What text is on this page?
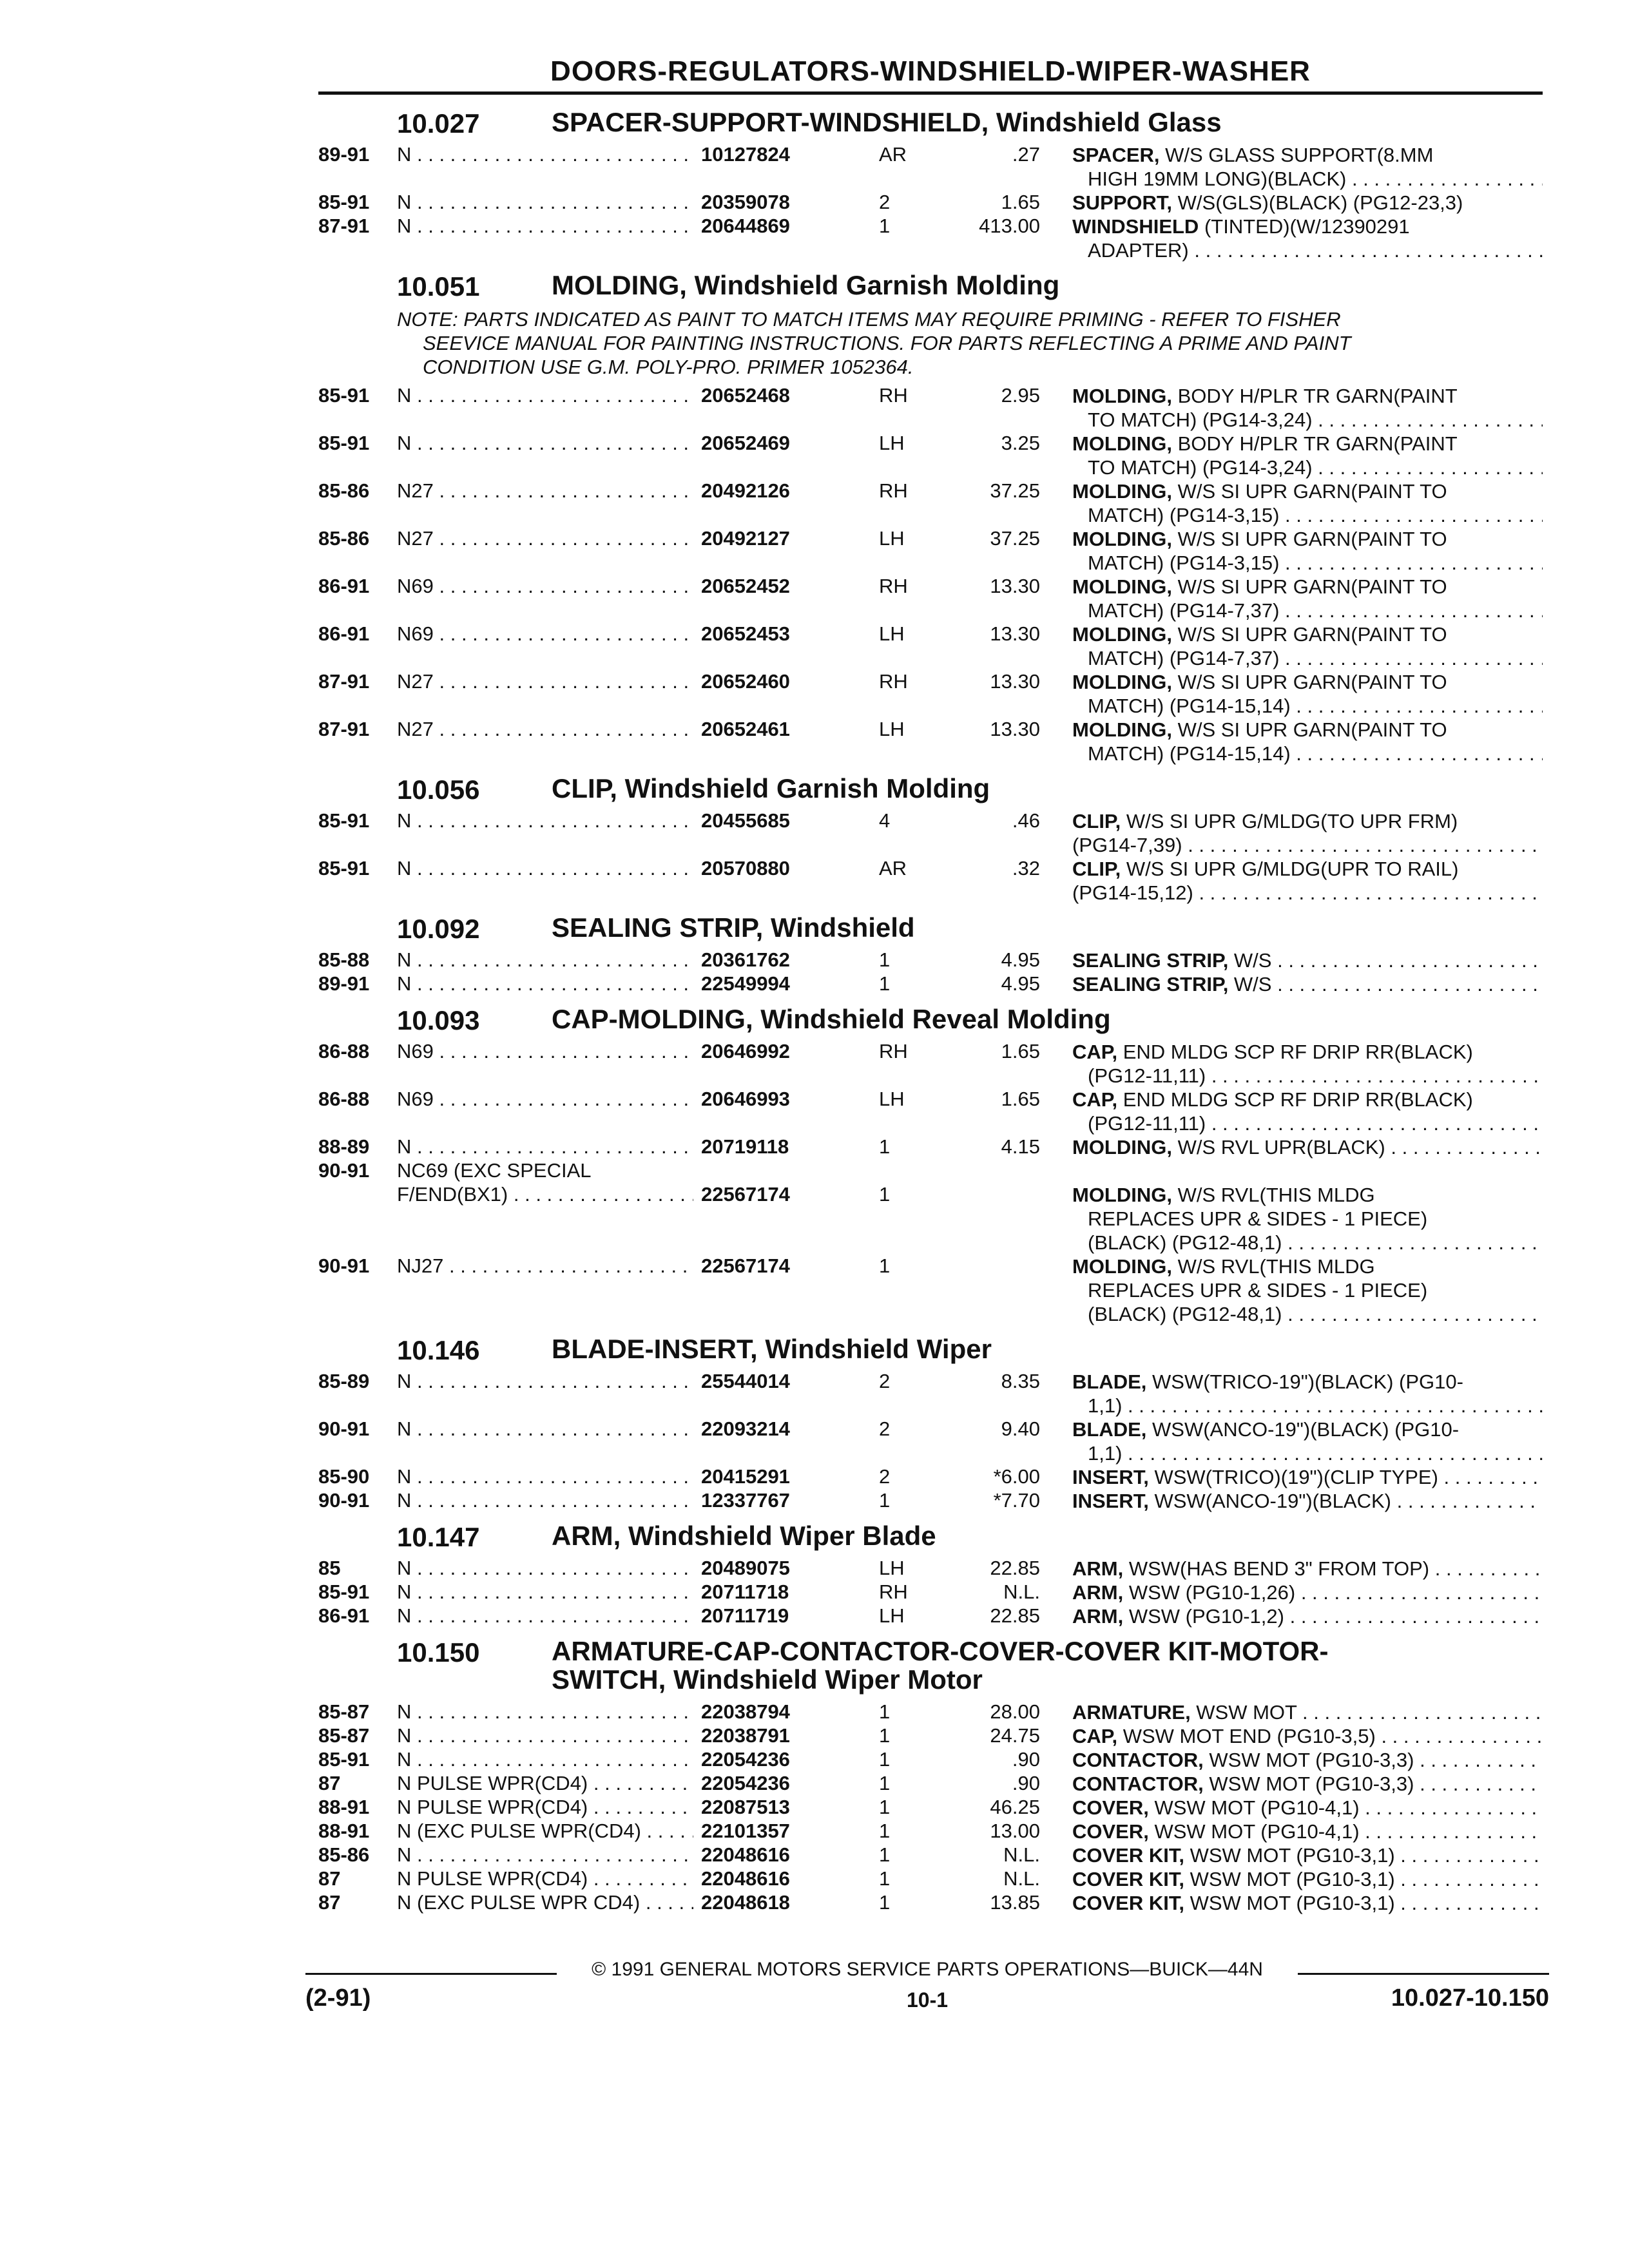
DOORS-REGULATORS-WINDSHIELD-WIPER-WASHER
10.027	SPACER-SUPPORT-WINDSHIELD, Windshield Glass
89-91 N . . .	10127824	AR	.27 SPACER, W/S GLASS SUPPORT(8.MM
HIGH 19MM LONG)(BLACK) . . .
85-91 N . . .	20359078	2	1.65 SUPPORT, W/S(GLS)(BLACK) (PG12-23,3)
87-91 N . . .	20644869	1	413.00 WINDSHIELD (TINTED)(W/12390291
ADAPTER) . . .
10.051	MOLDING, Windshield Garnish Molding
NOTE: PARTS INDICATED AS PAINT TO MATCH ITEMS MAY REQUIRE PRIMING - REFER TO FISHER
SEEVICE MANUAL FOR PAINTING INSTRUCTIONS. FOR PARTS REFLECTING A PRIME AND PAINT
CONDITION USE G.M. POLY-PRO. PRIMER 1052364.
85-91 N . . .	20652468	RH	2.95 MOLDING, BODY H/PLR TR GARN(PAINT
TO MATCH) (PG14-3,24) . . .
85-91 N . . .	20652469	LH	3.25 MOLDING, BODY H/PLR TR GARN(PAINT
TO MATCH) (PG14-3,24) . . .
85-86 N27 . . .	20492126	RH	37.25 MOLDING, W/S SI UPR GARN(PAINT TO
MATCH) (PG14-3,15) . . .
85-86 N27 . . .	20492127	LH	37.25 MOLDING, W/S SI UPR GARN(PAINT TO
MATCH) (PG14-3,15) . . .
86-91 N69 . . .	20652452	RH	13.30 MOLDING, W/S SI UPR GARN(PAINT TO
MATCH) (PG14-7,37) . . .
86-91 N69 . . .	20652453	LH	13.30 MOLDING, W/S SI UPR GARN(PAINT TO
MATCH) (PG14-7,37) . . .
87-91 N27 . . .	20652460	RH	13.30 MOLDING, W/S SI UPR GARN(PAINT TO
MATCH) (PG14-15,14) . . .
87-91 N27 . . .	20652461	LH	13.30 MOLDING, W/S SI UPR GARN(PAINT TO
MATCH) (PG14-15,14) . . .
10.056	CLIP, Windshield Garnish Molding
85-91 N . . .	20455685	4	.46 CLIP, W/S SI UPR G/MLDG(TO UPR FRM)
(PG14-7,39) . . .
85-91 N . . .	20570880	AR	.32 CLIP, W/S SI UPR G/MLDG(UPR TO RAIL)
(PG14-15,12) . . .
10.092	SEALING STRIP, Windshield
85-88 N . . .	20361762	1	4.95 SEALING STRIP, W/S . . .
89-91 N . . .	22549994	1	4.95 SEALING STRIP, W/S . . .
10.093	CAP-MOLDING, Windshield Reveal Molding
86-88 N69 . . .	20646992	RH	1.65 CAP, END MLDG SCP RF DRIP RR(BLACK)
(PG12-11,11) . . .
86-88 N69 . . .	20646993	LH	1.65 CAP, END MLDG SCP RF DRIP RR(BLACK)
(PG12-11,11) . . .
88-89 N . . .	20719118	1	4.15 MOLDING, W/S RVL UPR(BLACK) . . .
90-91 NC69 (EXC SPECIAL
F/END(BX1) . . .	22567174	1	MOLDING, W/S RVL(THIS MLDG
REPLACES UPR & SIDES - 1 PIECE)
(BLACK) (PG12-48,1) . . .
90-91 NJ27 . . .	22567174	1	MOLDING, W/S RVL(THIS MLDG
REPLACES UPR & SIDES - 1 PIECE)
(BLACK) (PG12-48,1) . . .
10.146	BLADE-INSERT, Windshield Wiper
85-89 N . . .	25544014	2	8.35 BLADE, WSW(TRICO-19")(BLACK) (PG10-
1,1) . . .
90-91 N . . .	22093214	2	9.40 BLADE, WSW(ANCO-19")(BLACK) (PG10-
1,1) . . .
85-90 N . . .	20415291	2	*6.00 INSERT, WSW(TRICO)(19")(CLIP TYPE) . . .
90-91 N . . .	12337767	1	*7.70 INSERT, WSW(ANCO-19")(BLACK) . . .
10.147	ARM, Windshield Wiper Blade
85	N . . .	20489075	LH	22.85 ARM, WSW(HAS BEND 3" FROM TOP) . . .
85-91 N . . .	20711718	RH	N.L. ARM, WSW (PG10-1,26) . . .
86-91 N . . .	20711719	LH	22.85 ARM, WSW (PG10-1,2) . . .
10.150	ARMATURE-CAP-CONTACTOR-COVER-COVER KIT-MOTOR-
SWITCH, Windshield Wiper Motor
85-87 N . . .	22038794	1	28.00 ARMATURE, WSW MOT . . .
85-87 N . . .	22038791	1	24.75 CAP, WSW MOT END (PG10-3,5) . . .
85-91 N . . .	22054236	1	.90 CONTACTOR, WSW MOT (PG10-3,3) . . .
87	N PULSE WPR(CD4) . . .	22054236	1	.90 CONTACTOR, WSW MOT (PG10-3,3) . . .
88-91 N PULSE WPR(CD4) . . .	22087513	1	46.25 COVER, WSW MOT (PG10-4,1) . . .
88-91 N (EXC PULSE WPR(CD4) . . .	22101357	1	13.00 COVER, WSW MOT (PG10-4,1) . . .
85-86 N . . .	22048616	1	N.L. COVER KIT, WSW MOT (PG10-3,1) . . .
87	N PULSE WPR(CD4) . . .	22048616	1	N.L. COVER KIT, WSW MOT (PG10-3,1) . . .
87	N (EXC PULSE WPR CD4) . . .	22048618	1	13.85 COVER KIT, WSW MOT (PG10-3,1) . . .
© 1991 GENERAL MOTORS SERVICE PARTS OPERATIONS—BUICK—44N
(2-91)	10-1	10.027-10.150
